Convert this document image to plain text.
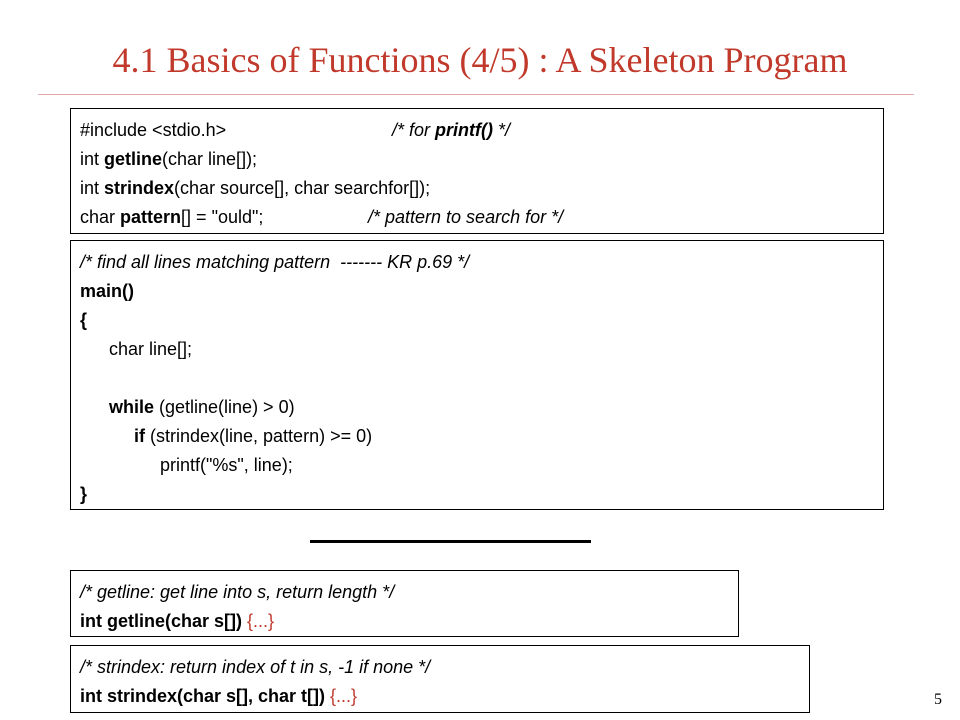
4.1 Basics of Functions (4/5) : A Skeleton Program
#include <stdio.h>	/* for printf() */
int getline(char line[]);
int strindex(char source[], char searchfor[]);
char pattern[] = "ould";	/* pattern to search for */
/* find all lines matching pattern  ------- KR p.69 */
main()
{
char line[];
while (getline(line) > 0)
if (strindex(line, pattern) >= 0)
printf("%s", line);
}
/* getline: get line into s, return length */
int getline(char s[]) {...}
/* strindex: return index of t in s, -1 if none */
int strindex(char s[], char t[]) {...}	5
